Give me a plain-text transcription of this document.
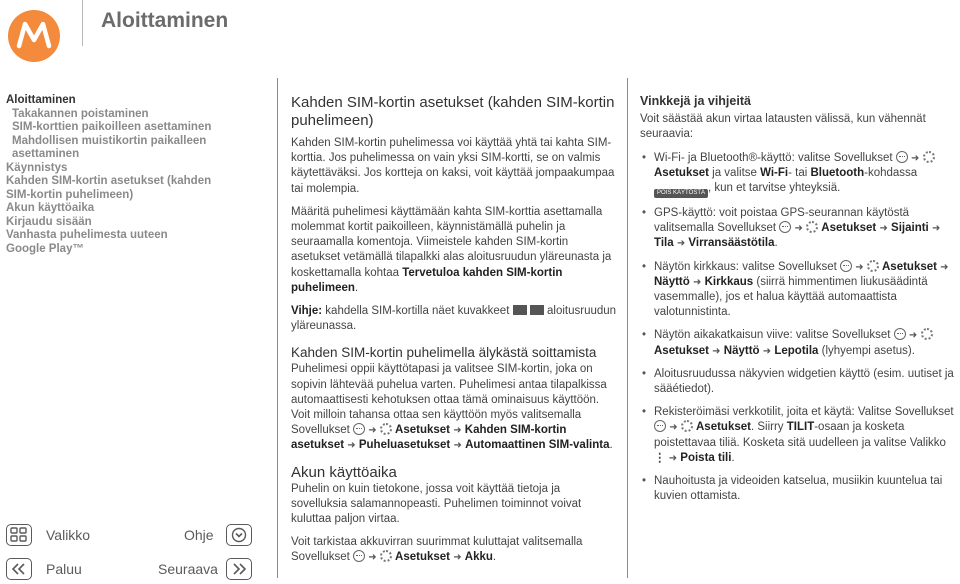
Aloittaminen
Aloittaminen
Takakannen poistaminen
SIM-korttien paikoilleen asettaminen
Mahdollisen muistikortin paikalleen
asettaminen
Käynnistys
Kahden SIM-kortin asetukset (kahden
SIM-kortin puhelimeen)
Akun käyttöaika
Kirjaudu sisään
Vanhasta puhelimesta uuteen
Google Play™
Valikko	Ohje
Paluu	Seuraava
Kahden SIM-kortin asetukset (kahden SIM-kortin puhelimeen)

Kahden SIM-kortin puhelimessa voi käyttää yhtä tai kahta SIM-korttia. Jos puhelimessa on vain yksi SIM-kortti, se on valmis käytettäväksi. Jos kortteja on kaksi, voit käyttää jompaakumpaa tai molempia.

Määritä puhelimesi käyttämään kahta SIM-korttia asettamalla molemmat kortit paikoilleen, käynnistämällä puhelin ja seuraamalla komentoja. Viimeistele kahden SIM-kortin asetukset vetämällä tilapalkki alas aloitusruudun yläreunasta ja koskettamalla kohtaa Tervetuloa kahden SIM-kortin puhelimeen.

Vihje: kahdella SIM-kortilla näet kuvakkeet	aloitusruudun yläreunassa.

Kahden SIM-kortin puhelimella älykästä soittamista

Puhelimesi oppii käyttötapasi ja valitsee SIM-kortin, joka on sopivin lähtevää puhelua varten. Puhelimesi antaa tilapalkissa automaattisesti kehotuksen ottaa tämä ominaisuus käyttöön. Voit milloin tahansa ottaa sen käyttöön myös valitsemalla Sovellukset  ➜ Asetukset ➜ Kahden SIM-kortin asetukset ➜ Puheluasetukset ➜ Automaattinen SIM-valinta.

Akun käyttöaika

Puhelin on kuin tietokone, jossa voit käyttää tietoja ja sovelluksia salamannopeasti. Puhelimen toiminnot voivat kuluttaa paljon virtaa.

Voit tarkistaa akkuvirran suurimmat kuluttajat valitsemalla Sovellukset  ➜ Asetukset ➜ Akku.

Vinkkejä ja vihjeitä

Voit säästää akun virtaa latausten välissä, kun vähennät seuraavia:

• Wi-Fi- ja Bluetooth®-käyttö: valitse Sovellukset  ➜  Asetukset ja valitse Wi-Fi- tai Bluetooth-kohdassa POIS KÄYTÖSTÄ , kun et tarvitse yhteyksiä.
• GPS-käyttö: voit poistaa GPS-seurannan käytöstä valitsemalla Sovellukset  ➜ Asetukset ➜ Sijainti ➜ Tila ➜ Virransäästötila.
• Näytön kirkkaus: valitse Sovellukset  ➜ Asetukset ➜ Näyttö ➜ Kirkkaus (siirrä himmentimen liukusäädintä vasemmalle), jos et halua käyttää automaattista valotunnistinta.
• Näytön aikakatkaisun viive: valitse Sovellukset  ➜  Asetukset ➜ Näyttö ➜ Lepotila (lyhyempi asetus).
• Aloitusruudussa näkyvien widgetien käyttö (esim. uutiset ja sääétiedot).
• Rekisteröimäsi verkkotilit, joita et käytä: Valitse Sovellukset  ➜ Asetukset. Siirry TILIT-osaan ja kosketa poistettavaa tiliä. Kosketa sitä uudelleen ja valitse Valikko ⋮ ➜ Poista tili.
• Nauhoitusta ja videoiden katselua, musiikin kuuntelua tai kuvien ottamista.
